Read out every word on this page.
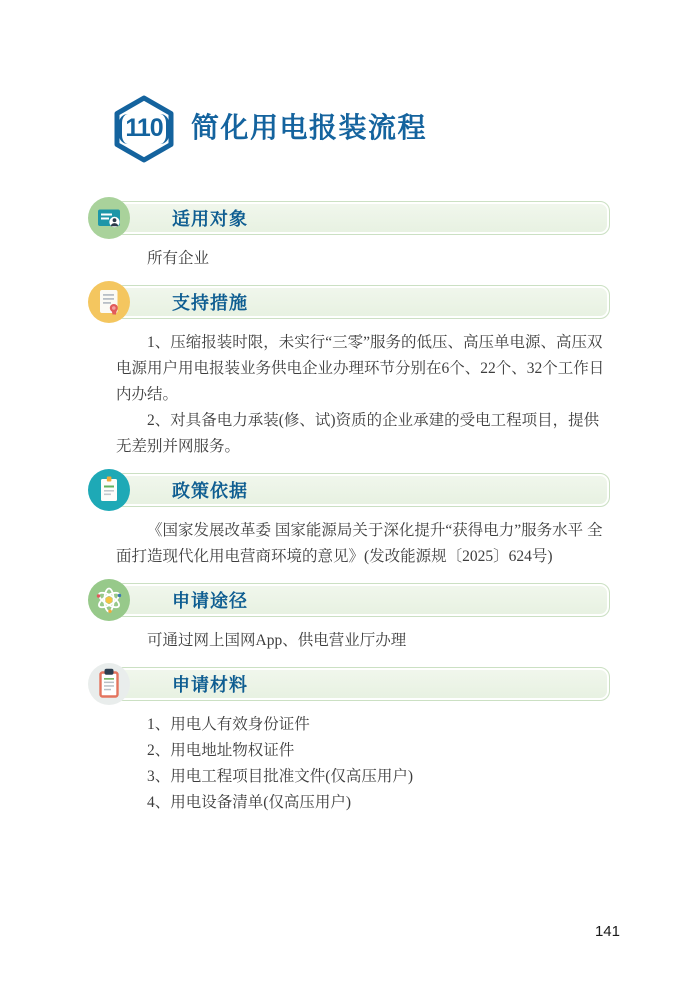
110 简化用电报装流程
适用对象
所有企业
支持措施

1、压缩报装时限，未实行“三零”服务的低压、高压单电源、高压双电源用户用电报装业务供电企业办理环节分别在6个、22个、32个工作日内办结。

2、对具备电力承装(修、试)资质的企业承建的受电工程项目，提供无差别并网服务。

政策依据

《国家发展改革委 国家能源局关于深化提升“获得电力”服务水平 全面打造现代化用电营商环境的意见》(发改能源规〔2025〕624号)

申请途径
可通过网上国网App、供电营业厅办理
申请材料
1、用电人有效身份证件
2、用电地址物权证件
3、用电工程项目批准文件(仅高压用户)
4、用电设备清单(仅高压用户)
141
